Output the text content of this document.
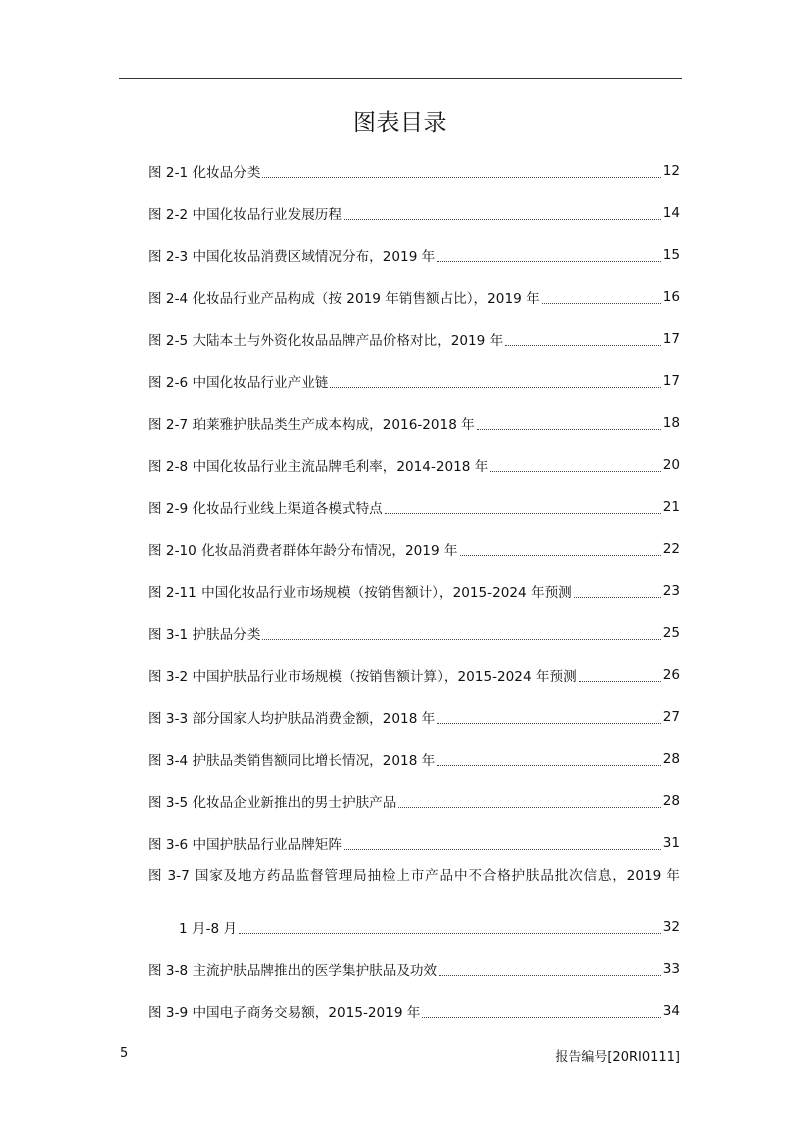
图表目录
图 2-1 化妆品分类	12
图 2-2 中国化妆品行业发展历程	14
图 2-3 中国化妆品消费区域情况分布，2019 年	15
图 2-4 化妆品行业产品构成（按 2019 年销售额占比），2019 年	16
图 2-5 大陆本土与外资化妆品品牌产品价格对比，2019 年	17
图 2-6 中国化妆品行业产业链	17
图 2-7 珀莱雅护肤品类生产成本构成，2016-2018 年	18
图 2-8 中国化妆品行业主流品牌毛利率，2014-2018 年	20
图 2-9 化妆品行业线上渠道各模式特点	21
图 2-10 化妆品消费者群体年龄分布情况，2019 年	22
图 2-11 中国化妆品行业市场规模（按销售额计），2015-2024 年预测	23
图 3-1 护肤品分类	25
图 3-2 中国护肤品行业市场规模（按销售额计算），2015-2024 年预测	26
图 3-3 部分国家人均护肤品消费金额，2018 年	27
图 3-4 护肤品类销售额同比增长情况，2018 年	28
图 3-5 化妆品企业新推出的男士护肤产品	28
图 3-6 中国护肤品行业品牌矩阵	31
图 3-7 国家及地方药品监督管理局抽检上市产品中不合格护肤品批次信息，2019 年
1 月-8 月	32
图 3-8 主流护肤品牌推出的医学集护肤品及功效	33
图 3-9 中国电子商务交易额，2015-2019 年	34
5	报告编号[20RI0111]
